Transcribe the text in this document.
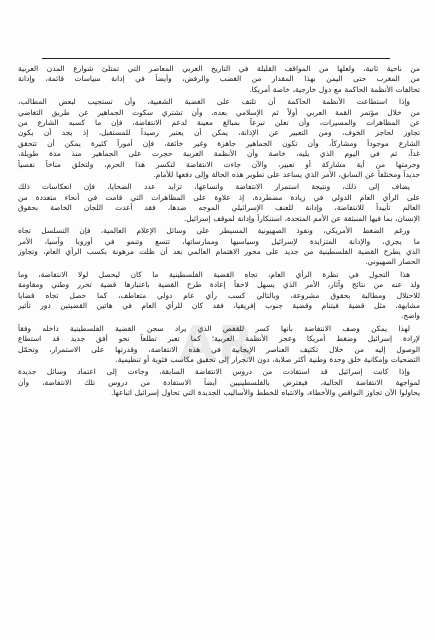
AR
من ناحية ثانية، ولعلها من المواقف القليلة في التاريخ العربي المعاصر التي تمتلئ شوارع المدن العربية
من المغرب حتى اليمن بهذا المقدار من الغضب والرفض، وأيضاً في إدانة سياسات قائمة، وإدانة
تحالفات الأنظمة الحاكمة مع دول خارجية، خاصة أمريكا.
وإذا استطاعت الأنظمة الحاكمة أن تلتف على الغضبة الشعبية، وأن تستجيب لبعض المطالب،
من خلال مؤتمر القمة العربي أولاً ثم الإسلامي بعده، وأن تشتري سكوت الجماهير عن طريق التغاضي
عن المظاهرات والمسيرات، وأن تعلن تبرعاً بمبالغ معينة لدعم الانتفاضة، فإن ما كسبه الشارع من
تجاوز لحاجز الخوف، ومن التعبير عن الإدانة، يمكن أن يعتبر رصيداً للمستقبل، إذ يجد أن يكون
الشارع موجوداً ومشاركاً، وأن تكون الجماهير جاهزة وغير خائفة، فإن أموراً كثيرة يمكن أن تتحقق
غداً، ثم في اليوم الذي يليه، خاصة وأن الأنظمة العربية حجرت على الجماهير منذ مدة طويلة،
وحرمتها من أية مشاركة أو تعبير، والآن جاءت الانتفاضة لتكسر هذا الحرم، ولتخلق مناخاً نفسياً
جديداً ومختلفاً عن السابق، الأمر الذي يساعد على تطوير هذه الحالة وإلى دفعها للأمام.
يضاف إلى ذلك، ونتيجة استمرار الانتفاضة واتساعها، تزايد عدد الضحايا، فإن انعكاسات ذلك
على الرأي العام الدولي في زيادة مضطردة، إذ علاوة على المظاهرات التي قامت في أنحاء متعددة من
العالم تأييداً للانتفاضة، وإدانة للعنف الإسرائيلي الموجه ضدها، فقد أعدت اللجان الخاصة بحقوق
الإنسان، بما فيها المنبثقة عن الأمم المتحدة، استنكاراً وإدانة لموقف إسرائيل.
ورغم الضغط الأمريكي، ونفوذ الصهيونية المسيطر على وسائل الإعلام العالمية، فإن التسلسل تجاه
ما يجري، والإدانة المتزايدة لإسرائيل وسياسيها وممارساتها، تتسع وتنمو في أوروبا وآسيا، الأمر
الذي يطرح القضية الفلسطينية من جديد على محور الاهتمام العالمي بعد أن ظلت مرهونة بكسب الرأي العام، وتجاوز
الحصار الصهيوني.
هذا التحول في نظرة الرأي العام، تجاه القضية الفلسطينية ما كان ليحصل لولا الانتفاضة، وما
ولد عنه من نتائج وآثار، الأمر الذي يسهل لاحقاً إعادة طرح القضية باعتبارها قضية تحرر وطني ومقاومة
للاحتلال ومطالبة بحقوق مشروعة، وبالتالي كسب رأي عام دولي متعاطف، كما حصل تجاه قضايا
مشابهة، مثل قضية فيتنام وقضية جنوب إفريقيا، فقد كان للرأي العام في هاتين القضيتين دور تأثير
واضح.
لهذا يمكن وصف الانتفاضة بأنها كسر للقفص الذي يراد سجن القضية الفلسطينية داخله وفقاً
لإرادة إسرائيل وضغط أمريكا وعجز الأنظمة العربية؛ كما تعبر تطلعاً نحو أفق جديد قد استطاع
الوصول إليه من خلال تكثيف العناصر الإيجابية في هذه الانتفاضة، وقدرتها على الاستمرار، وتحمّل
التضحيات وإمكانية خلق وحدة وطنية أكثر صلابة، دون الانجرار إلى تحقيق مكاسب فئوية أو تنظيمية.
وإذا كانت إسرائيل قد استفادت من دروس الانتفاضة السابقة، وجاءت إلى اعتماد وسائل جديدة
لمواجهة الانتفاضة الحالية، فيفترض بالفلسطينيين أيضاً الاستفادة من دروس تلك الانتفاضة، وأن
يحاولوا الآن تجاوز النواقص والأخطاء، والانتباه للخطط والأساليب الجديدة التي تحاول إسرائيل اتباعها.
